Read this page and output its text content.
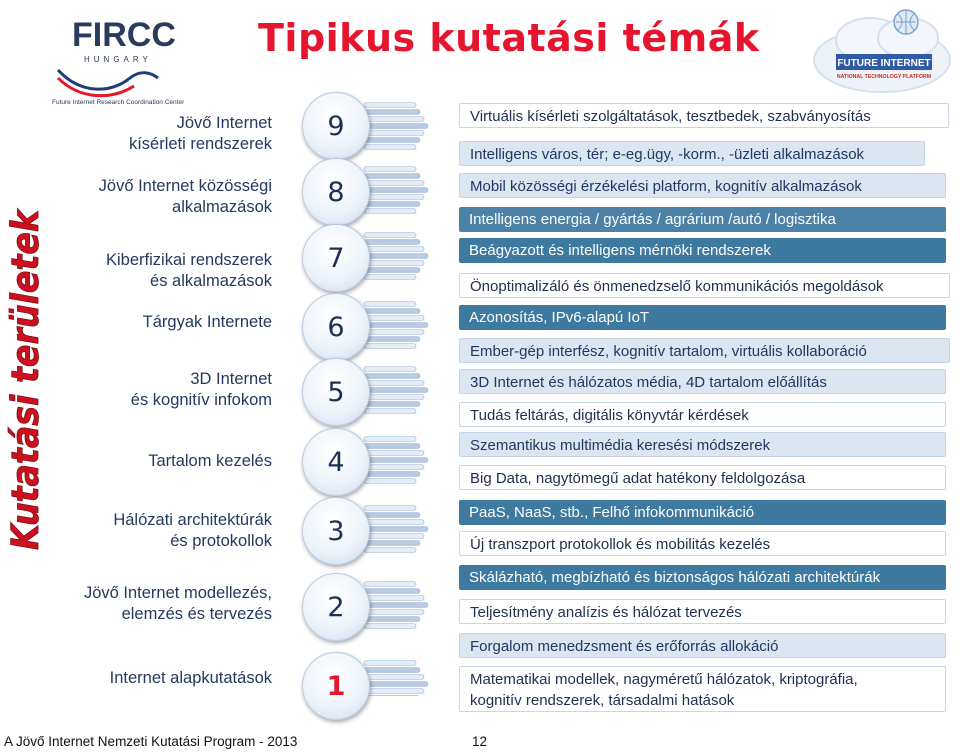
FIRCC
HUNGARY
Future Internet Research Coordination Center
Tipikus kutatási témák
FUTURE INTERNET
NATIONAL TECHNOLOGY PLATFORM
Kutatási területek
Jövő Internet
kísérleti rendszerek
Jövő Internet közösségi
alkalmazások
Kiberfizikai rendszerek
és alkalmazások
Tárgyak Internete
3D Internet
és kognitív infokom
Tartalom kezelés
Hálózati architektúrák
és protokollok
Jövő Internet modellezés,
elemzés és tervezés
Internet alapkutatások
9
8
7
6
5
4
3
2
1
Virtuális kísérleti szolgáltatások, tesztbedek, szabványosítás
Intelligens város, tér; e-eg.ügy, -korm., -üzleti alkalmazások
Mobil közösségi érzékelési platform, kognitív alkalmazások
Intelligens energia / gyártás / agrárium /autó / logisztika
Beágyazott és intelligens mérnöki rendszerek
Önoptimalizáló és önmenedzselő kommunikációs megoldások
Azonosítás, IPv6-alapú IoT
Ember-gép interfész, kognitív tartalom, virtuális kollaboráció
3D Internet és hálózatos média, 4D tartalom előállítás
Tudás feltárás, digitális könyvtár kérdések
Szemantikus multimédia keresési módszerek
Big Data, nagytömegű adat hatékony feldolgozása
PaaS, NaaS, stb., Felhő infokommunikáció
Új transzport protokollok és mobilitás kezelés
Skálázható, megbízható és biztonságos hálózati architektúrák
Teljesítmény analízis és hálózat tervezés
Forgalom menedzsment és erőforrás allokáció
Matematikai modellek, nagyméretű hálózatok, kriptográfia,
kognitív rendszerek, társadalmi hatások
A Jövő Internet Nemzeti Kutatási Program - 2013	12
